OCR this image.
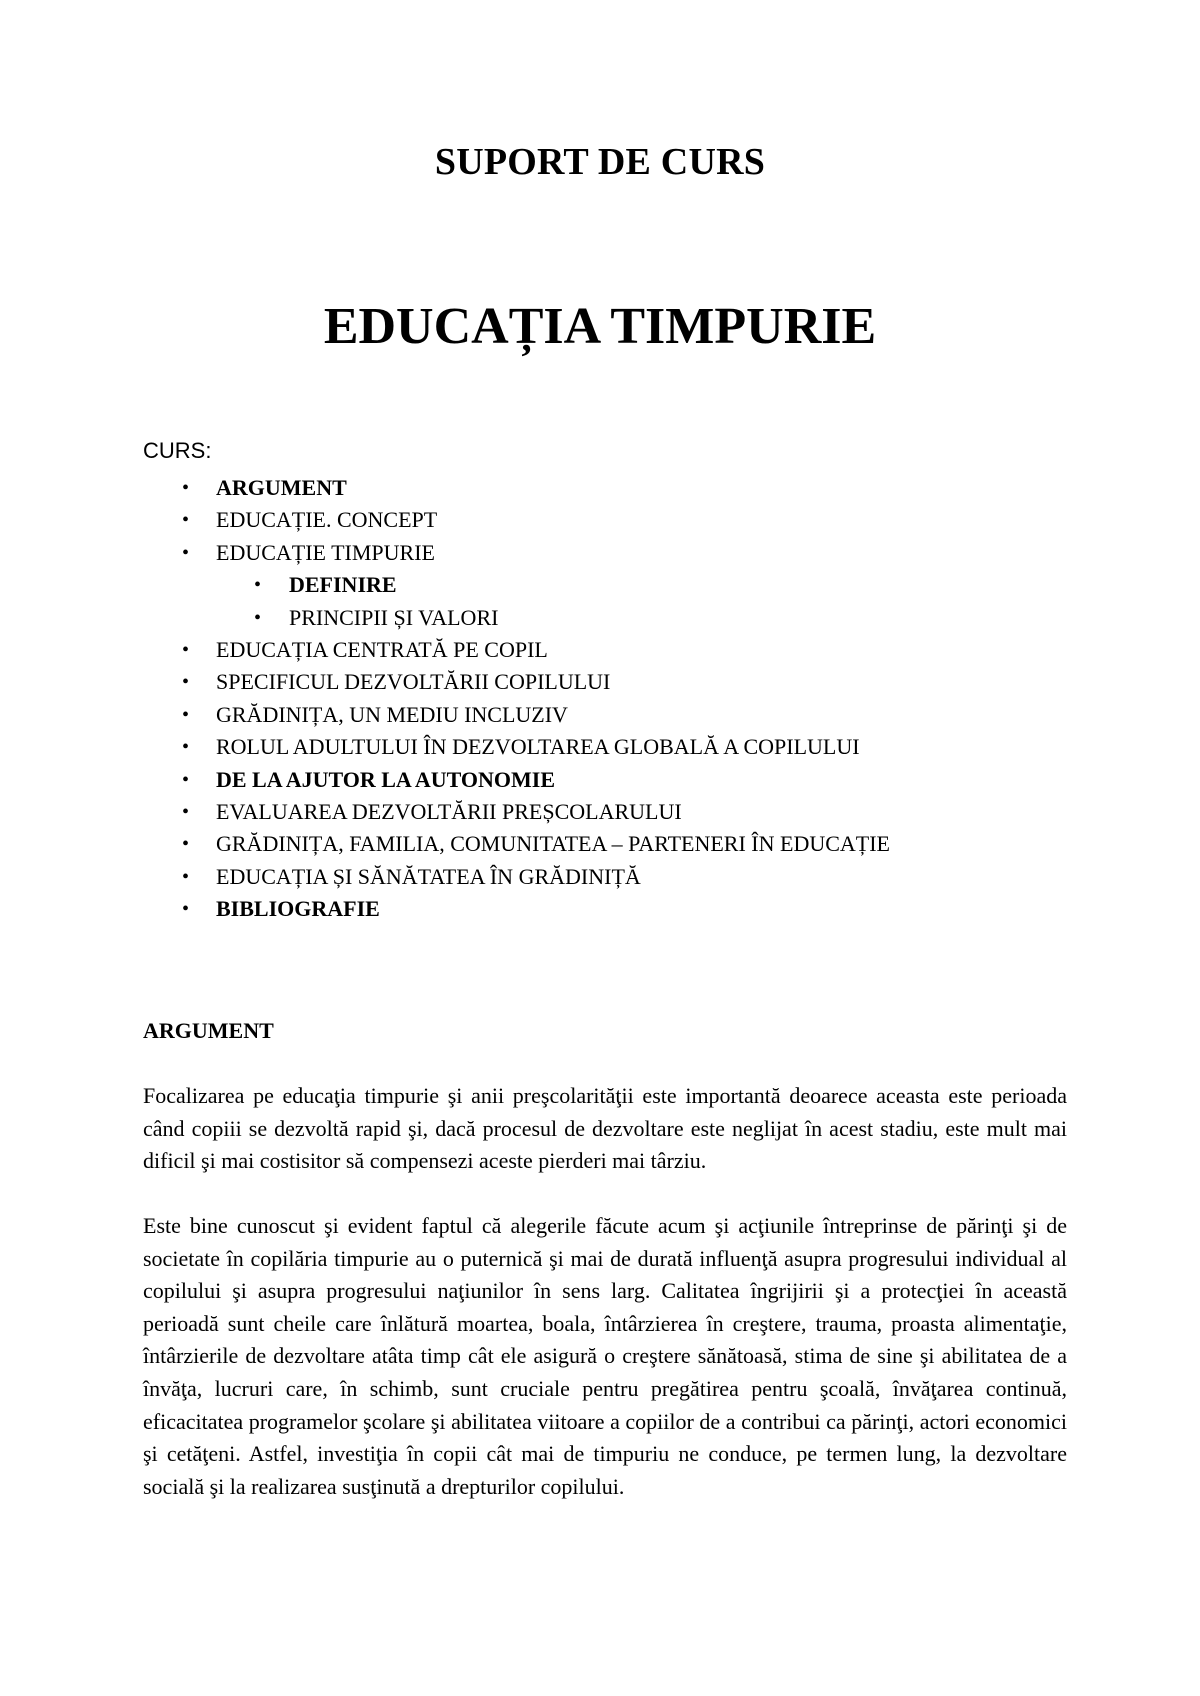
SUPORT DE CURS
EDUCAȚIA TIMPURIE
CURS:
• ARGUMENT
• EDUCAȚIE. CONCEPT
• EDUCAȚIE TIMPURIE
• DEFINIRE
• PRINCIPII ȘI VALORI
• EDUCAȚIA CENTRATĂ PE COPIL
• SPECIFICUL DEZVOLTĂRII COPILULUI
• GRĂDINIȚA, UN MEDIU INCLUZIV
• ROLUL ADULTULUI ÎN DEZVOLTAREA GLOBALĂ A COPILULUI
• DE LA AJUTOR LA AUTONOMIE
• EVALUAREA DEZVOLTĂRII PREȘCOLARULUI
• GRĂDINIȚA, FAMILIA, COMUNITATEA – PARTENERI ÎN EDUCAȚIE
• EDUCAȚIA ȘI SĂNĂTATEA ÎN GRĂDINIȚĂ
• BIBLIOGRAFIE
ARGUMENT

Focalizarea pe educaţia timpurie şi anii preşcolarităţii este importantă deoarece aceasta este perioada când copiii se dezvoltă rapid şi, dacă procesul de dezvoltare este neglijat în acest stadiu, este mult mai dificil şi mai costisitor să compensezi aceste pierderi mai târziu.

Este bine cunoscut şi evident faptul că alegerile făcute acum şi acţiunile întreprinse de părinţi şi de societate în copilăria timpurie au o puternică şi mai de durată influenţă asupra progresului individual al copilului şi asupra progresului naţiunilor în sens larg. Calitatea îngrijirii şi a protecţiei în această perioadă sunt cheile care înlătură moartea, boala, întârzierea în creştere, trauma, proasta alimentaţie, întârzierile de dezvoltare atâta timp cât ele asigură o creştere sănătoasă, stima de sine şi abilitatea de a învăţa, lucruri care, în schimb, sunt cruciale pentru pregătirea pentru şcoală, învăţarea continuă, eficacitatea programelor şcolare şi abilitatea viitoare a copiilor de a contribui ca părinţi, actori economici şi cetăţeni. Astfel, investiţia în copii cât mai de timpuriu ne conduce, pe termen lung, la dezvoltare socială şi la realizarea susţinută a drepturilor copilului.
